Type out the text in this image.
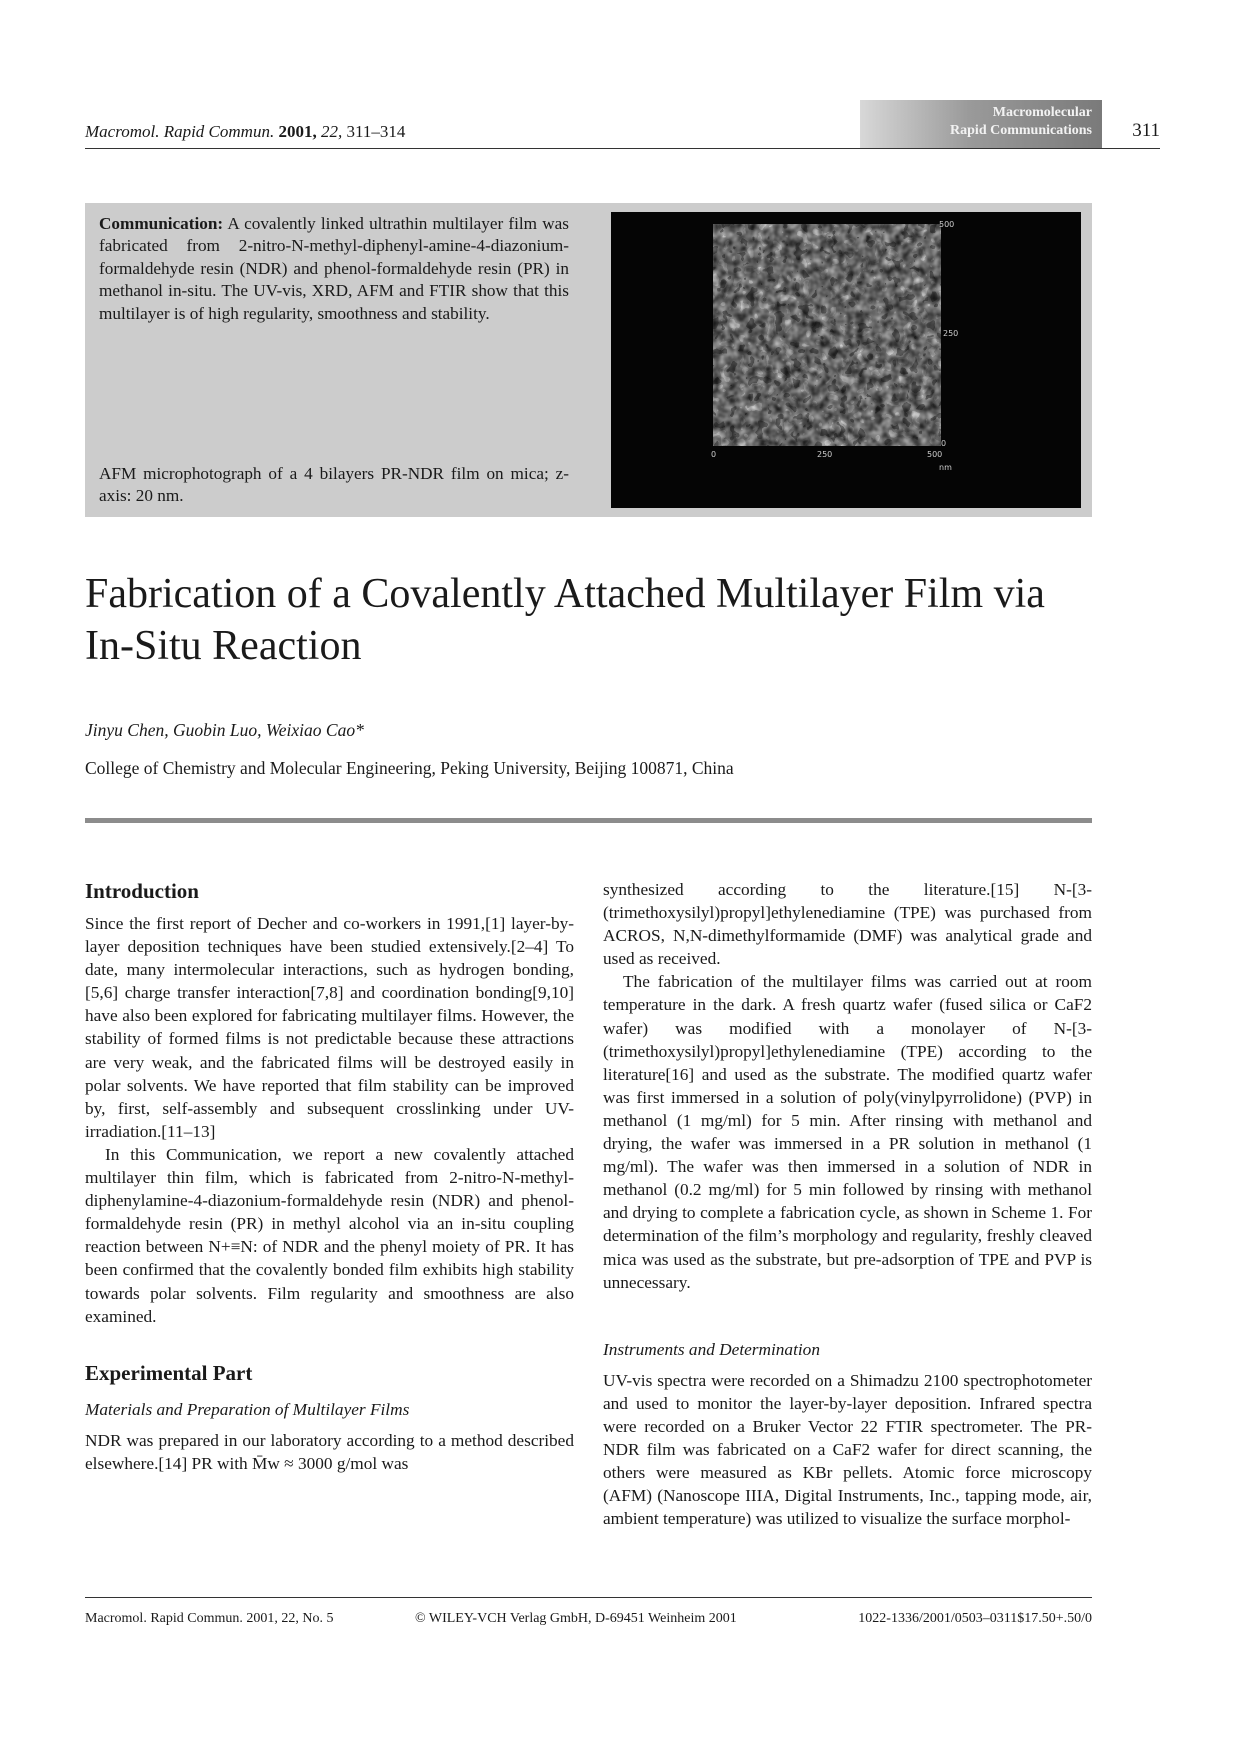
Macromol. Rapid Commun. 2001, 22, 311–314
Macromolecular
Rapid Communications 311
Communication: A covalently linked ultrathin multilayer film was fabricated from 2-nitro-N-methyl-diphenyl-amine-4-diazonium-formaldehyde resin (NDR) and phenol-formaldehyde resin (PR) in methanol in-situ. The UV-vis, XRD, AFM and FTIR show that this multilayer is of high regularity, smoothness and stability.
AFM microphotograph of a 4 bilayers PR-NDR film on mica; z-axis: 20 nm.
500
250
0
0	250	500
nm
Fabrication of a Covalently Attached Multilayer Film via In-Situ Reaction
Jinyu Chen, Guobin Luo, Weixiao Cao*
College of Chemistry and Molecular Engineering, Peking University, Beijing 100871, China
Introduction

Since the first report of Decher and co-workers in 1991,[1] layer-by-layer deposition techniques have been studied extensively.[2–4] To date, many intermolecular interactions, such as hydrogen bonding,[5,6] charge transfer interaction[7,8] and coordination bonding[9,10] have also been explored for fabricating multilayer films. However, the stability of formed films is not predictable because these attractions are very weak, and the fabricated films will be destroyed easily in polar solvents. We have reported that film stability can be improved by, first, self-assembly and subsequent crosslinking under UV-irradiation.[11–13]

In this Communication, we report a new covalently attached multilayer thin film, which is fabricated from 2-nitro-N-methyl-diphenylamine-4-diazonium-formaldehyde resin (NDR) and phenol-formaldehyde resin (PR) in methyl alcohol via an in-situ coupling reaction between N+≡N: of NDR and the phenyl moiety of PR. It has been confirmed that the covalently bonded film exhibits high stability towards polar solvents. Film regularity and smoothness are also examined.

Experimental Part
Materials and Preparation of Multilayer Films

NDR was prepared in our laboratory according to a method described elsewhere.[14] PR with M̄w ≈ 3000 g/mol was

synthesized according to the literature.[15] N-[3-(trimethoxysilyl)propyl]ethylenediamine (TPE) was purchased from ACROS, N,N-dimethylformamide (DMF) was analytical grade and used as received.

The fabrication of the multilayer films was carried out at room temperature in the dark. A fresh quartz wafer (fused silica or CaF2 wafer) was modified with a monolayer of N-[3-(trimethoxysilyl)propyl]ethylenediamine (TPE) according to the literature[16] and used as the substrate. The modified quartz wafer was first immersed in a solution of poly(vinylpyrrolidone) (PVP) in methanol (1 mg/ml) for 5 min. After rinsing with methanol and drying, the wafer was immersed in a PR solution in methanol (1 mg/ml). The wafer was then immersed in a solution of NDR in methanol (0.2 mg/ml) for 5 min followed by rinsing with methanol and drying to complete a fabrication cycle, as shown in Scheme 1. For determination of the film’s morphology and regularity, freshly cleaved mica was used as the substrate, but pre-adsorption of TPE and PVP is unnecessary.

Instruments and Determination

UV-vis spectra were recorded on a Shimadzu 2100 spectrophotometer and used to monitor the layer-by-layer deposition. Infrared spectra were recorded on a Bruker Vector 22 FTIR spectrometer. The PR-NDR film was fabricated on a CaF2 wafer for direct scanning, the others were measured as KBr pellets. Atomic force microscopy (AFM) (Nanoscope IIIA, Digital Instruments, Inc., tapping mode, air, ambient temperature) was utilized to visualize the surface morphol-

Macromol. Rapid Commun. 2001, 22, No. 5	© WILEY-VCH Verlag GmbH, D-69451 Weinheim 2001	1022-1336/2001/0503–0311$17.50+.50/0
